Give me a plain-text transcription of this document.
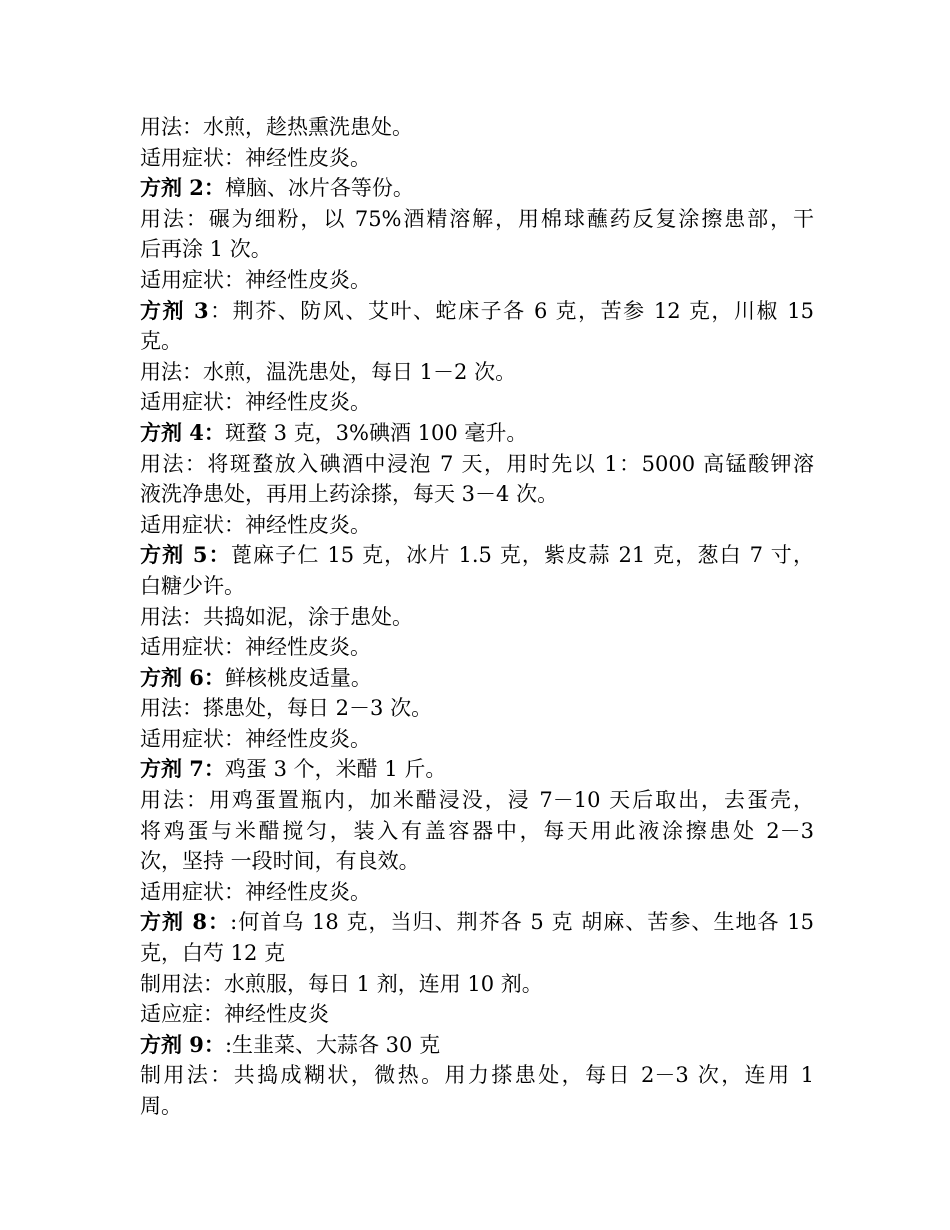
用法：水煎，趁热熏洗患处。
适用症状：神经性皮炎。
方剂 2：樟脑、冰片各等份。
用法：碾为细粉，以 75%酒精溶解，用棉球蘸药反复涂擦患部，干
后再涂 1 次。
适用症状：神经性皮炎。
方剂 3：荆芥、防风、艾叶、蛇床子各 6 克，苦参 12 克，川椒 15
克。
用法：水煎，温洗患处，每日 1－2 次。
适用症状：神经性皮炎。
方剂 4：斑蝥 3 克，3%碘酒 100 毫升。
用法：将斑蝥放入碘酒中浸泡 7 天，用时先以 1：5000 高锰酸钾溶
液洗净患处，再用上药涂搽，每天 3－4 次。
适用症状：神经性皮炎。
方剂 5：蓖麻子仁 15 克，冰片 1.5 克，紫皮蒜 21 克，葱白 7 寸，
白糖少许。
用法：共捣如泥，涂于患处。
适用症状：神经性皮炎。
方剂 6：鲜核桃皮适量。
用法：搽患处，每日 2－3 次。
适用症状：神经性皮炎。
方剂 7：鸡蛋 3 个，米醋 1 斤。
用法：用鸡蛋置瓶内，加米醋浸没，浸 7－10 天后取出，去蛋壳，
将鸡蛋与米醋搅匀，装入有盖容器中，每天用此液涂擦患处 2－3
次，坚持 一段时间，有良效。
适用症状：神经性皮炎。
方剂 8：:何首乌 18 克，当归、荆芥各 5 克 胡麻、苦参、生地各 15
克，白芍 12 克
制用法：水煎服，每日 1 剂，连用 10 剂。
适应症：神经性皮炎
方剂 9：:生韭菜、大蒜各 30 克
制用法：共捣成糊状，微热。用力搽患处，每日 2－3 次，连用 1
周。
